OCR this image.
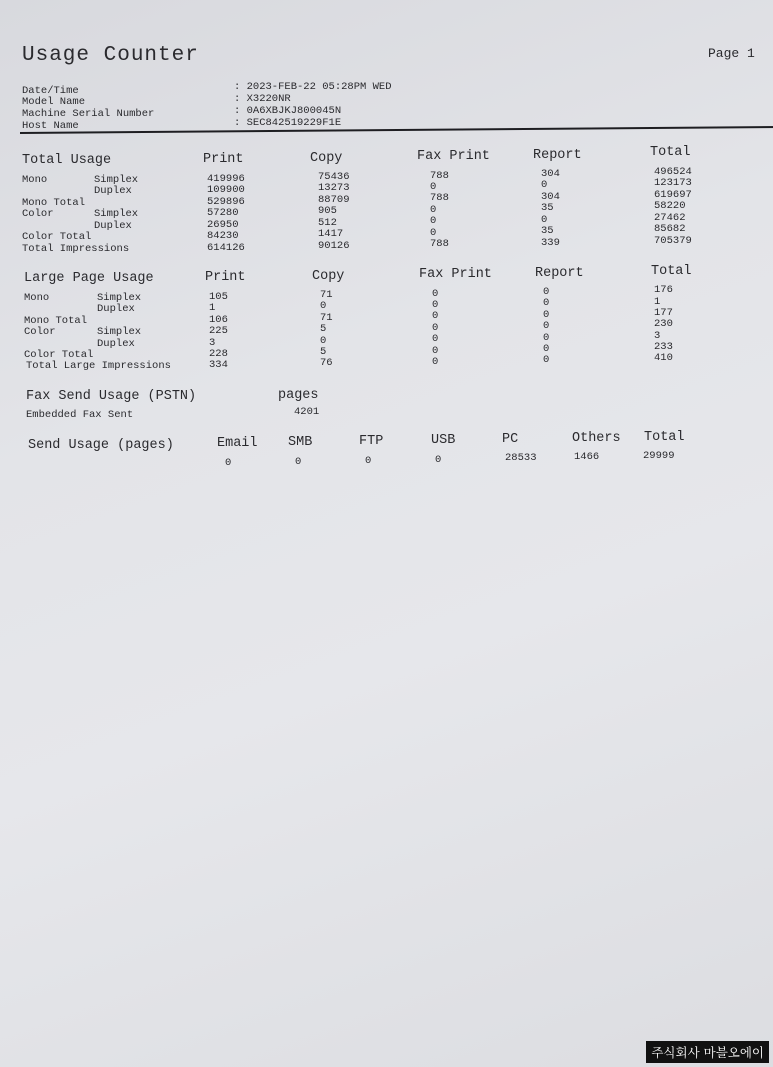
Usage Counter	Page 1
Date/Time	: 2023-FEB-22 05:28PM WED
Model Name	: X3220NR
Machine Serial Number	: 0A6XBJKJ800045N
Host Name	: SEC842519229F1E
Total Usage	Print	Copy	Fax Print	Report	Total
Mono	Simplex	419996	75436	788	304	496524
Duplex	109900	13273	0	0	123173
Mono Total	529896	88709	788	304	619697
Color	Simplex	57280	905	0	35	58220
Duplex	26950	512	0	0	27462
Color Total	84230	1417	0	35	85682
Total Impressions	614126	90126	788	339	705379
Large Page Usage	Print	Copy	Fax Print	Report	Total
Mono	Simplex	105	71	0	0	176
Duplex	1	0	0	0	1
Mono Total	106	71	0	0	177
Color	Simplex	225	5	0	0	230
Duplex	3	0	0	0	3
Color Total	228	5	0	0	233
Total Large Impressions	334	76	0	0	410
Fax Send Usage (PSTN)	pages
Embedded Fax Sent	4201
Send Usage (pages)	Email SMB	FTP	USB	PC	Others Total
0	0	0	0	28533	1466	29999
주식회사 마블오에이
